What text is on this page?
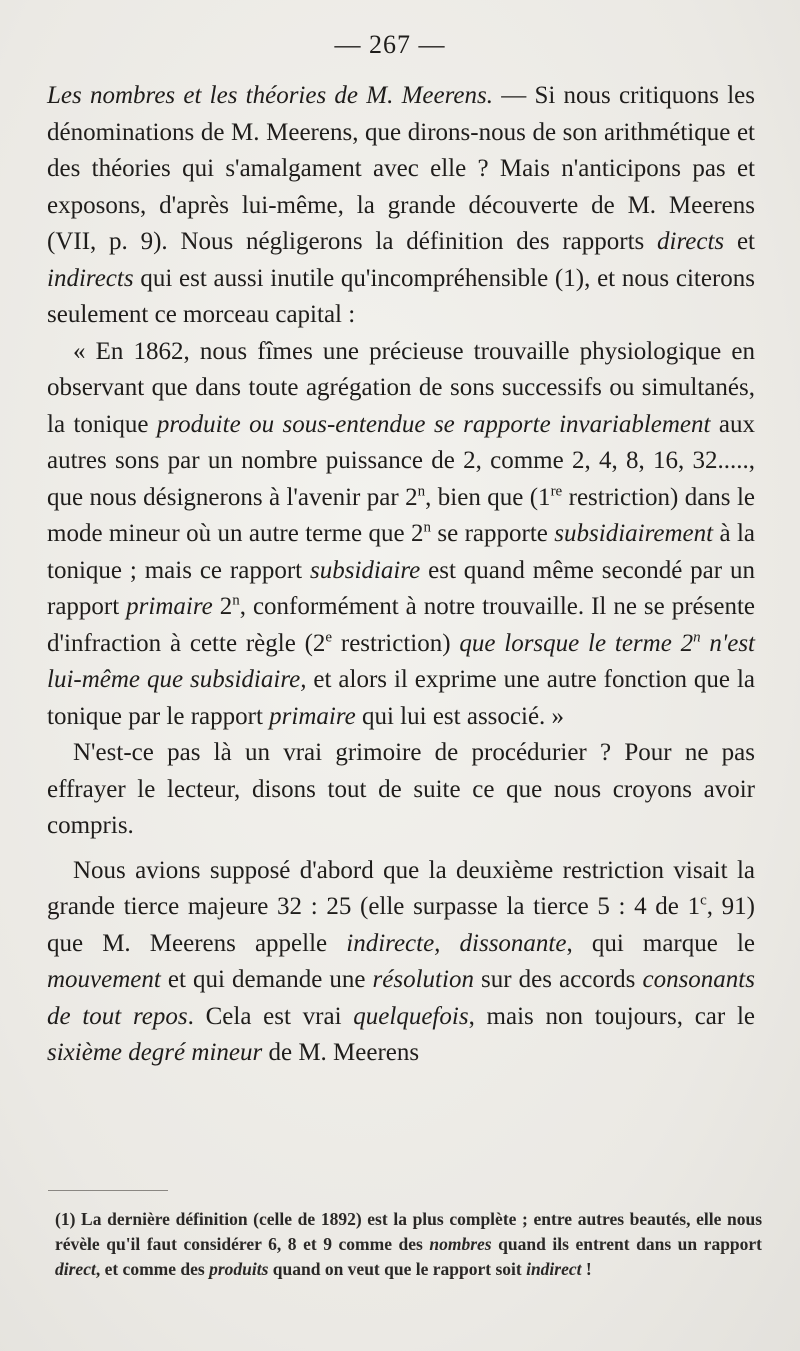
— 267 —

Les nombres et les théories de M. Meerens. — Si nous critiquons les dénominations de M. Meerens, que dirons-nous de son arithmétique et des théories qui s'amalgament avec elle ? Mais n'anticipons pas et exposons, d'après lui-même, la grande découverte de M. Meerens (VII, p. 9). Nous négligerons la définition des rapports directs et indirects qui est aussi inutile qu'incompréhensible (1), et nous citerons seulement ce morceau capital :

« En 1862, nous fîmes une précieuse trouvaille physiologique en observant que dans toute agrégation de sons successifs ou simultanés, la tonique produite ou sous-entendue se rapporte invariablement aux autres sons par un nombre puissance de 2, comme 2, 4, 8, 16, 32....., que nous désignerons à l'avenir par 2$^n$, bien que (1re restriction) dans le mode mineur où un autre terme que 2$^n$ se rapporte subsidiairement à la tonique ; mais ce rapport subsidiaire est quand même secondé par un rapport primaire 2$^n$, conformément à notre trouvaille. Il ne se présente d'infraction à cette règle (2e restriction) que lorsque le terme 2$^n$ n'est lui-même que subsidiaire, et alors il exprime une autre fonction que la tonique par le rapport primaire qui lui est associé. »

N'est-ce pas là un vrai grimoire de procédurier ? Pour ne pas effrayer le lecteur, disons tout de suite ce que nous croyons avoir compris.

Nous avions supposé d'abord que la deuxième restriction visait la grande tierce majeure 32 : 25 (elle surpasse la tierce 5 : 4 de 1$^c$, 91) que M. Meerens appelle indirecte, dissonante, qui marque le mouvement et qui demande une résolution sur des accords consonants de tout repos. Cela est vrai quelquefois, mais non toujours, car le sixième degré mineur de M. Meerens

(1) La dernière définition (celle de 1892) est la plus complète ; entre autres beautés, elle nous révèle qu'il faut considérer 6, 8 et 9 comme des nombres quand ils entrent dans un rapport direct, et comme des produits quand on veut que le rapport soit indirect !
